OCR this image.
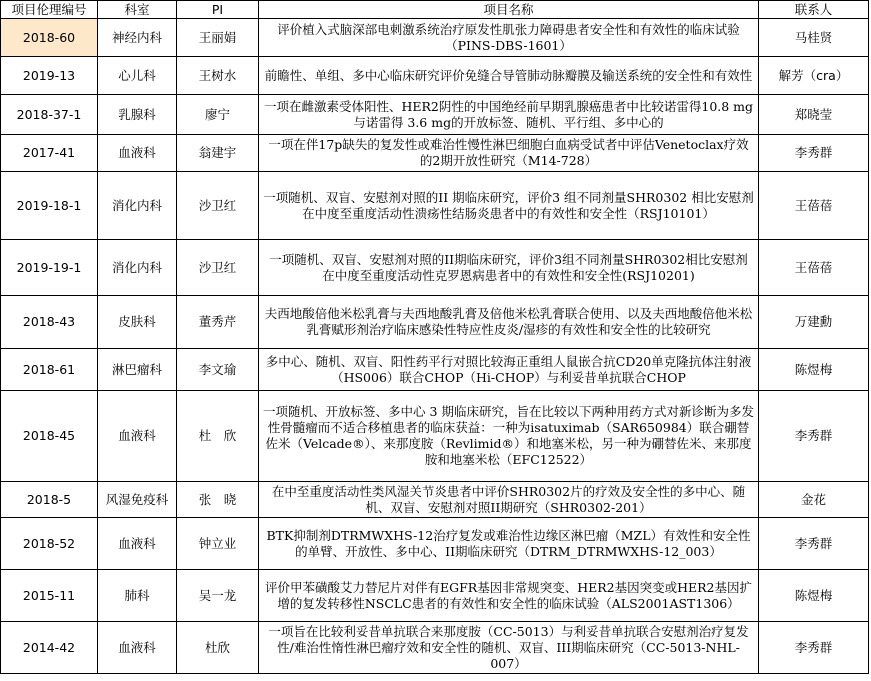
项目伦理编号	科室	PI	项目名称	联系人
2018-60	神经内科	王丽娟	评价植入式脑深部电刺激系统治疗原发性肌张力障碍患者安全性和有效性的临床试验（PINS-DBS-1601）	马桂贤
2019-13	心儿科	王树水	前瞻性、单组、多中心临床研究评价免缝合导管肺动脉瓣膜及输送系统的安全性和有效性	解芳（cra）
2018-37-1	乳腺科	廖宁	一项在雌激素受体阳性、HER2阴性的中国绝经前早期乳腺癌患者中比较诺雷得10.8 mg与诺雷得 3.6 mg的开放标签、随机、平行组、多中心的	郑晓莹
2017-41	血液科	翁建宇	一项在伴17p缺失的复发性或难治性慢性淋巴细胞白血病受试者中评估Venetoclax疗效的2期开放性研究（M14-728）	李秀群
2019-18-1	消化内科	沙卫红	一项随机、双盲、安慰剂对照的II 期临床研究，评价3 组不同剂量SHR0302 相比安慰剂在中度至重度活动性溃疡性结肠炎患者中的有效性和安全性（RSJ10101）	王蓓蓓
2019-19-1	消化内科	沙卫红	一项随机、双盲、安慰剂对照的II期临床研究，评价3组不同剂量SHR0302相比安慰剂在中度至重度活动性克罗恩病患者中的有效性和安全性(RSJ10201)	王蓓蓓
2018-43	皮肤科	董秀芹	夫西地酸倍他米松乳膏与夫西地酸乳膏及倍他米松乳膏联合使用、以及夫西地酸倍他米松乳膏赋形剂治疗临床感染性特应性皮炎/湿疹的有效性和安全性的比较研究	万建勳
2018-61	淋巴瘤科	李文瑜	多中心、随机、双盲、阳性药平行对照比较海正重组人鼠嵌合抗CD20单克隆抗体注射液（HS006）联合CHOP（Hi-CHOP）与利妥昔单抗联合CHOP	陈煜梅
2018-45	血液科	杜　欣	一项随机、开放标签、多中心 3 期临床研究，旨在比较以下两种用药方式对新诊断为多发性骨髓瘤而不适合移植患者的临床获益：一种为isatuximab（SAR650984）联合硼替佐米（Velcade®）、来那度胺（Revlimid®）和地塞米松，另一种为硼替佐米、来那度胺和地塞米松（EFC12522）	李秀群
2018-5	风湿免疫科	张　晓	在中至重度活动性类风湿关节炎患者中评价SHR0302片的疗效及安全性的多中心、随机、双盲、安慰剂对照II期研究（SHR0302-201）	金花
2018-52	血液科	钟立业	BTK抑制剂DTRMWXHS-12治疗复发或难治性边缘区淋巴瘤（MZL）有效性和安全性的单臂、开放性、多中心、II期临床研究（DTRM_DTRMWXHS-12_003）	李秀群
2015-11	肺科	吴一龙	评价甲苯磺酸艾力替尼片对伴有EGFR基因非常规突变、HER2基因突变或HER2基因扩增的复发转移性NSCLC患者的有效性和安全性的临床试验（ALS2001AST1306）	陈煜梅
2014-42	血液科	杜欣	一项旨在比较利妥昔单抗联合来那度胺（CC-5013）与利妥昔单抗联合安慰剂治疗复发性/难治性惰性淋巴瘤疗效和安全性的随机、双盲、III期临床研究（CC-5013-NHL-007）	李秀群
